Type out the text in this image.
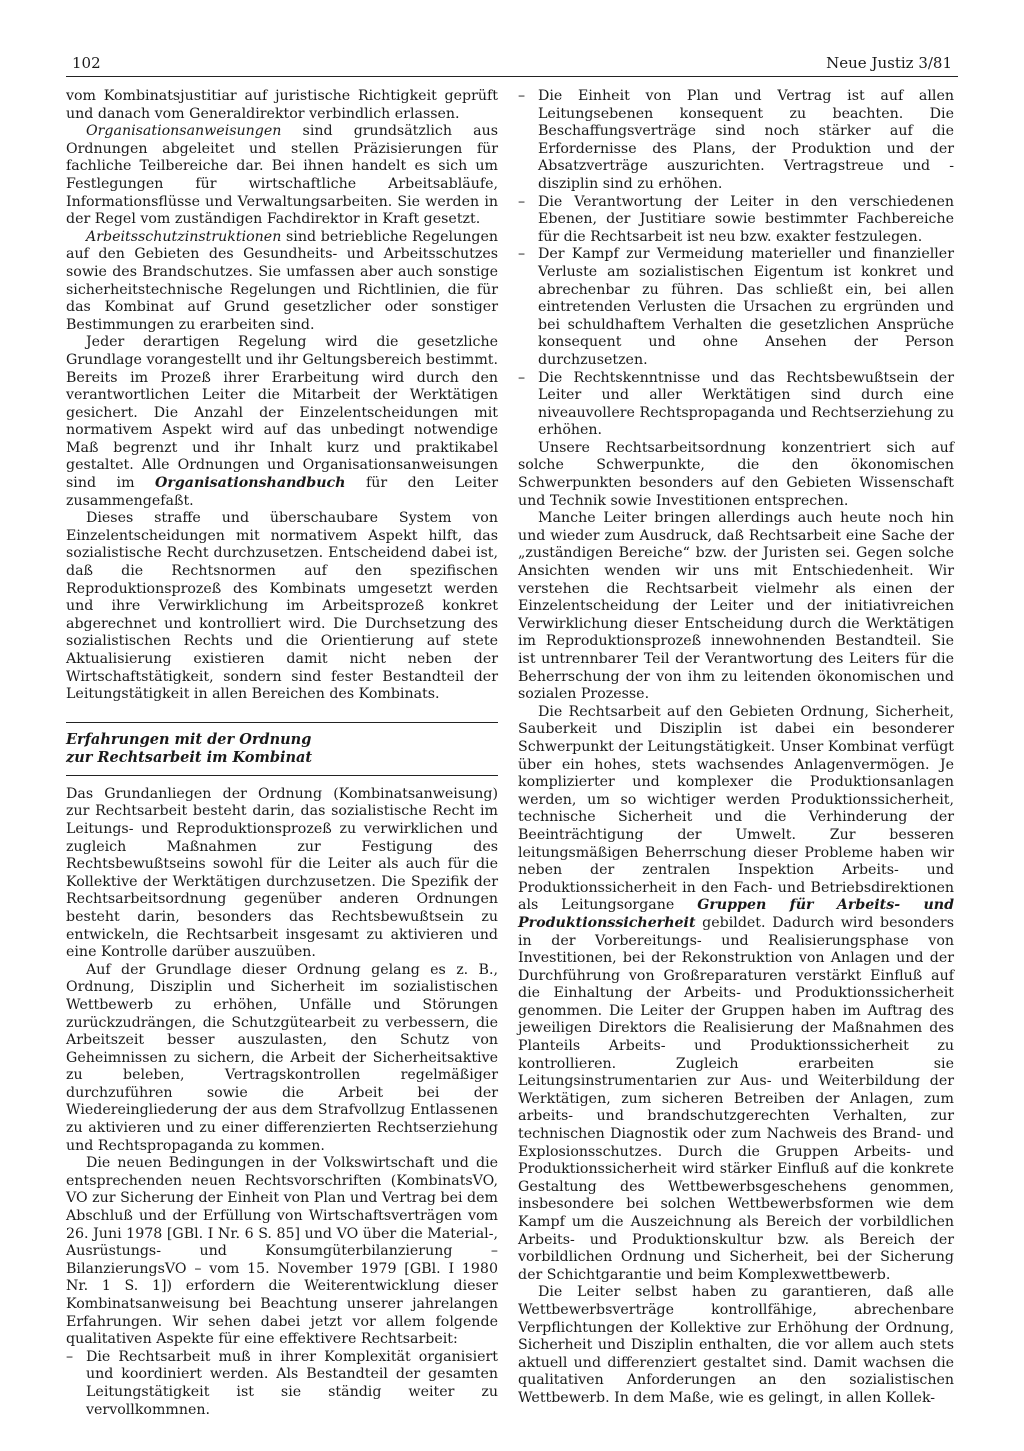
102	Neue Justiz 3/81

vom Kombinatsjustitiar auf juristische Richtigkeit geprüft und danach vom Generaldirektor verbindlich erlassen.

Organisationsanweisungen sind grundsätzlich aus Ordnungen abgeleitet und stellen Präzisierungen für fachliche Teilbereiche dar. Bei ihnen handelt es sich um Festlegungen für wirtschaftliche Arbeitsabläufe, Informationsflüsse und Verwaltungsarbeiten. Sie werden in der Regel vom zuständigen Fachdirektor in Kraft gesetzt.

Arbeitsschutzinstruktionen sind betriebliche Regelungen auf den Gebieten des Gesundheits- und Arbeitsschutzes sowie des Brandschutzes. Sie umfassen aber auch sonstige sicherheitstechnische Regelungen und Richtlinien, die für das Kombinat auf Grund gesetzlicher oder sonstiger Bestimmungen zu erarbeiten sind.

Jeder derartigen Regelung wird die gesetzliche Grundlage vorangestellt und ihr Geltungsbereich bestimmt. Bereits im Prozeß ihrer Erarbeitung wird durch den verantwortlichen Leiter die Mitarbeit der Werktätigen gesichert. Die Anzahl der Einzelentscheidungen mit normativem Aspekt wird auf das unbedingt notwendige Maß begrenzt und ihr Inhalt kurz und praktikabel gestaltet. Alle Ordnungen und Organisationsanweisungen sind im Organisationshandbuch für den Leiter zusammengefaßt.

Dieses straffe und überschaubare System von Einzelentscheidungen mit normativem Aspekt hilft, das sozialistische Recht durchzusetzen. Entscheidend dabei ist, daß die Rechtsnormen auf den spezifischen Reproduktionsprozeß des Kombinats umgesetzt werden und ihre Verwirklichung im Arbeitsprozeß konkret abgerechnet und kontrolliert wird. Die Durchsetzung des sozialistischen Rechts und die Orientierung auf stete Aktualisierung existieren damit nicht neben der Wirtschaftstätigkeit, sondern sind fester Bestandteil der Leitungstätigkeit in allen Bereichen des Kombinats.

Erfahrungen mit der Ordnung
zur Rechtsarbeit im Kombinat

Das Grundanliegen der Ordnung (Kombinatsanweisung) zur Rechtsarbeit besteht darin, das sozialistische Recht im Leitungs- und Reproduktionsprozeß zu verwirklichen und zugleich Maßnahmen zur Festigung des Rechtsbewußtseins sowohl für die Leiter als auch für die Kollektive der Werktätigen durchzusetzen. Die Spezifik der Rechtsarbeitsordnung gegenüber anderen Ordnungen besteht darin, besonders das Rechtsbewußtsein zu entwickeln, die Rechtsarbeit insgesamt zu aktivieren und eine Kontrolle darüber auszuüben.

Auf der Grundlage dieser Ordnung gelang es z. B., Ordnung, Disziplin und Sicherheit im sozialistischen Wettbewerb zu erhöhen, Unfälle und Störungen zurückzudrängen, die Schutzgütearbeit zu verbessern, die Arbeitszeit besser auszulasten, den Schutz von Geheimnissen zu sichern, die Arbeit der Sicherheitsaktive zu beleben, Vertragskontrollen regelmäßiger durchzuführen sowie die Arbeit bei der Wiedereingliederung der aus dem Strafvollzug Entlassenen zu aktivieren und zu einer differenzierten Rechtserziehung und Rechtspropaganda zu kommen.

Die neuen Bedingungen in der Volkswirtschaft und die entsprechenden neuen Rechtsvorschriften (KombinatsVO, VO zur Sicherung der Einheit von Plan und Vertrag bei dem Abschluß und der Erfüllung von Wirtschaftsverträgen vom 26. Juni 1978 [GBl. I Nr. 6 S. 85] und VO über die Material-, Ausrüstungs- und Konsumgüterbilanzierung – BilanzierungsVO – vom 15. November 1979 [GBl. I 1980 Nr. 1 S. 1]) erfordern die Weiterentwicklung dieser Kombinatsanweisung bei Beachtung unserer jahrelangen Erfahrungen. Wir sehen dabei jetzt vor allem folgende qualitativen Aspekte für eine effektivere Rechtsarbeit:

– Die Rechtsarbeit muß in ihrer Komplexität organisiert und koordiniert werden. Als Bestandteil der gesamten Leitungstätigkeit ist sie ständig weiter zu vervollkommnen.
– Die Einheit von Plan und Vertrag ist auf allen Leitungsebenen konsequent zu beachten. Die Beschaffungsverträge sind noch stärker auf die Erfordernisse des Plans, der Produktion und der Absatzverträge auszurichten. Vertragstreue und -disziplin sind zu erhöhen.
– Die Verantwortung der Leiter in den verschiedenen Ebenen, der Justitiare sowie bestimmter Fachbereiche für die Rechtsarbeit ist neu bzw. exakter festzulegen.
– Der Kampf zur Vermeidung materieller und finanzieller Verluste am sozialistischen Eigentum ist konkret und abrechenbar zu führen. Das schließt ein, bei allen eintretenden Verlusten die Ursachen zu ergründen und bei schuldhaftem Verhalten die gesetzlichen Ansprüche konsequent und ohne Ansehen der Person durchzusetzen.
– Die Rechtskenntnisse und das Rechtsbewußtsein der Leiter und aller Werktätigen sind durch eine niveauvollere Rechtspropaganda und Rechtserziehung zu erhöhen.

Unsere Rechtsarbeitsordnung konzentriert sich auf solche Schwerpunkte, die den ökonomischen Schwerpunkten besonders auf den Gebieten Wissenschaft und Technik sowie Investitionen entsprechen.

Manche Leiter bringen allerdings auch heute noch hin und wieder zum Ausdruck, daß Rechtsarbeit eine Sache der „zuständigen Bereiche“ bzw. der Juristen sei. Gegen solche Ansichten wenden wir uns mit Entschiedenheit. Wir verstehen die Rechtsarbeit vielmehr als einen der Einzelentscheidung der Leiter und der initiativreichen Verwirklichung dieser Entscheidung durch die Werktätigen im Reproduktionsprozeß innewohnenden Bestandteil. Sie ist untrennbarer Teil der Verantwortung des Leiters für die Beherrschung der von ihm zu leitenden ökonomischen und sozialen Prozesse.

Die Rechtsarbeit auf den Gebieten Ordnung, Sicherheit, Sauberkeit und Disziplin ist dabei ein besonderer Schwerpunkt der Leitungstätigkeit. Unser Kombinat verfügt über ein hohes, stets wachsendes Anlagenvermögen. Je komplizierter und komplexer die Produktionsanlagen werden, um so wichtiger werden Produktionssicherheit, technische Sicherheit und die Verhinderung der Beeinträchtigung der Umwelt. Zur besseren leitungsmäßigen Beherrschung dieser Probleme haben wir neben der zentralen Inspektion Arbeits- und Produktionssicherheit in den Fach- und Betriebsdirektionen als Leitungsorgane Gruppen für Arbeits- und Produktionssicherheit gebildet. Dadurch wird besonders in der Vorbereitungs- und Realisierungsphase von Investitionen, bei der Rekonstruktion von Anlagen und der Durchführung von Großreparaturen verstärkt Einfluß auf die Einhaltung der Arbeits- und Produktionssicherheit genommen. Die Leiter der Gruppen haben im Auftrag des jeweiligen Direktors die Realisierung der Maßnahmen des Planteils Arbeits- und Produktionssicherheit zu kontrollieren. Zugleich erarbeiten sie Leitungsinstrumentarien zur Aus- und Weiterbildung der Werktätigen, zum sicheren Betreiben der Anlagen, zum arbeits- und brandschutzgerechten Verhalten, zur technischen Diagnostik oder zum Nachweis des Brand- und Explosionsschutzes. Durch die Gruppen Arbeits- und Produktionssicherheit wird stärker Einfluß auf die konkrete Gestaltung des Wettbewerbsgeschehens genommen, insbesondere bei solchen Wettbewerbsformen wie dem Kampf um die Auszeichnung als Bereich der vorbildlichen Arbeits- und Produktionskultur bzw. als Bereich der vorbildlichen Ordnung und Sicherheit, bei der Sicherung der Schichtgarantie und beim Komplexwettbewerb.

Die Leiter selbst haben zu garantieren, daß alle Wettbewerbsverträge kontrollfähige, abrechenbare Verpflichtungen der Kollektive zur Erhöhung der Ordnung, Sicherheit und Disziplin enthalten, die vor allem auch stets aktuell und differenziert gestaltet sind. Damit wachsen die qualitativen Anforderungen an den sozialistischen Wettbewerb. In dem Maße, wie es gelingt, in allen Kollek-
